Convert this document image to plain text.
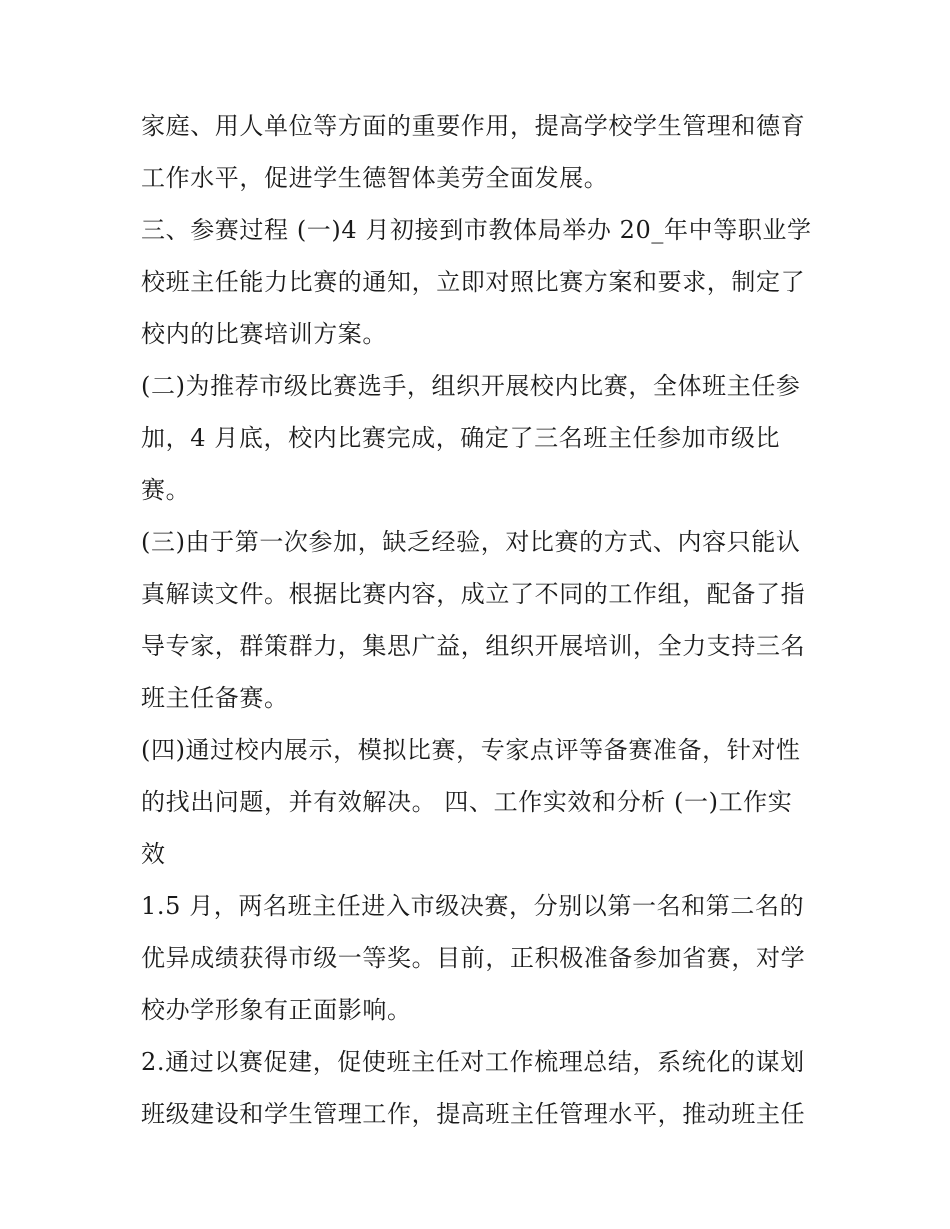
家庭、用人单位等方面的重要作用，提高学校学生管理和德育
工作水平，促进学生德智体美劳全面发展。
三、参赛过程 (一)4 月初接到市教体局举办 20_年中等职业学
校班主任能力比赛的通知，立即对照比赛方案和要求，制定了
校内的比赛培训方案。
(二)为推荐市级比赛选手，组织开展校内比赛，全体班主任参
加，4 月底，校内比赛完成，确定了三名班主任参加市级比
赛。
(三)由于第一次参加，缺乏经验，对比赛的方式、内容只能认
真解读文件。根据比赛内容，成立了不同的工作组，配备了指
导专家，群策群力，集思广益，组织开展培训，全力支持三名
班主任备赛。
(四)通过校内展示，模拟比赛，专家点评等备赛准备，针对性
的找出问题，并有效解决。 四、工作实效和分析 (一)工作实
效
1.5 月，两名班主任进入市级决赛，分别以第一名和第二名的
优异成绩获得市级一等奖。目前，正积极准备参加省赛，对学
校办学形象有正面影响。
2.通过以赛促建，促使班主任对工作梳理总结，系统化的谋划
班级建设和学生管理工作，提高班主任管理水平，推动班主任
